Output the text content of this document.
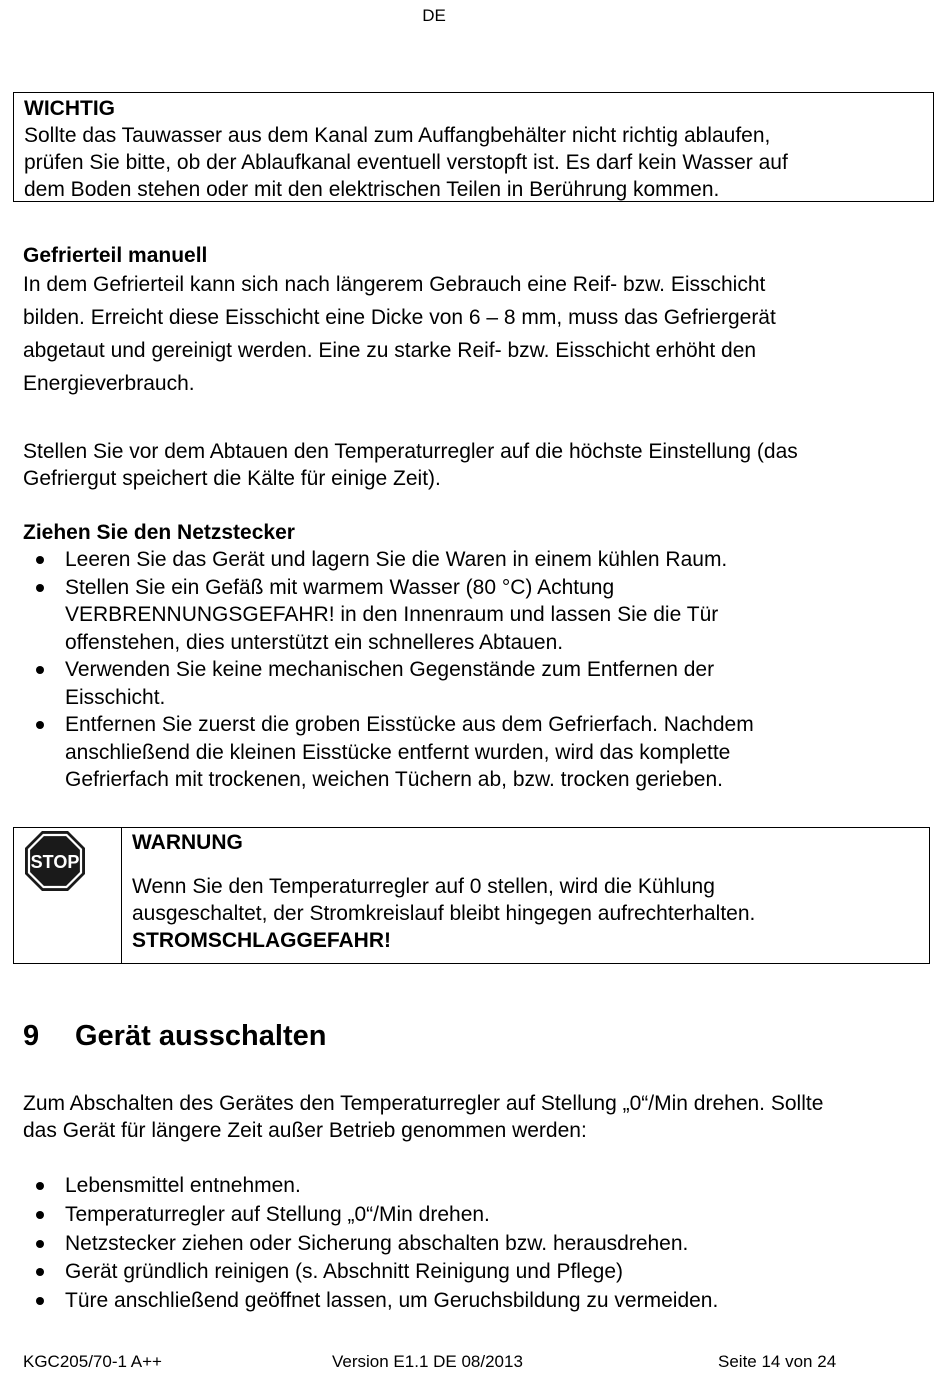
DE
WICHTIG
Sollte das Tauwasser aus dem Kanal zum Auffangbehälter nicht richtig ablaufen,
prüfen Sie bitte, ob der Ablaufkanal eventuell verstopft ist. Es darf kein Wasser auf
dem Boden stehen oder mit den elektrischen Teilen in Berührung kommen.
Gefrierteil manuell
In dem Gefrierteil kann sich nach längerem Gebrauch eine Reif- bzw. Eisschicht
bilden. Erreicht diese Eisschicht eine Dicke von 6 – 8 mm, muss das Gefriergerät
abgetaut und gereinigt werden. Eine zu starke Reif- bzw. Eisschicht erhöht den
Energieverbrauch.
Stellen Sie vor dem Abtauen den Temperaturregler auf die höchste Einstellung (das
Gefriergut speichert die Kälte für einige Zeit).
Ziehen Sie den Netzstecker
Leeren Sie das Gerät und lagern Sie die Waren in einem kühlen Raum.
Stellen Sie ein Gefäß mit warmem Wasser (80 °C) Achtung
VERBRENNUNGSGEFAHR! in den Innenraum und lassen Sie die Tür
offenstehen, dies unterstützt ein schnelleres Abtauen.
Verwenden Sie keine mechanischen Gegenstände zum Entfernen der
Eisschicht.
Entfernen Sie zuerst die groben Eisstücke aus dem Gefrierfach. Nachdem
anschließend die kleinen Eisstücke entfernt wurden, wird das komplette
Gefrierfach mit trockenen, weichen Tüchern ab, bzw. trocken gerieben.
STOP
WARNUNG
Wenn Sie den Temperaturregler auf 0 stellen, wird die Kühlung
ausgeschaltet, der Stromkreislauf bleibt hingegen aufrechterhalten.
STROMSCHLAGGEFAHR!
9 Gerät ausschalten
Zum Abschalten des Gerätes den Temperaturregler auf Stellung „0“/Min drehen. Sollte
das Gerät für längere Zeit außer Betrieb genommen werden:
Lebensmittel entnehmen.
Temperaturregler auf Stellung „0“/Min drehen.
Netzstecker ziehen oder Sicherung abschalten bzw. herausdrehen.
Gerät gründlich reinigen (s. Abschnitt Reinigung und Pflege)
Türe anschließend geöffnet lassen, um Geruchsbildung zu vermeiden.
KGC205/70-1 A++	Version E1.1 DE 08/2013	Seite 14 von 24
